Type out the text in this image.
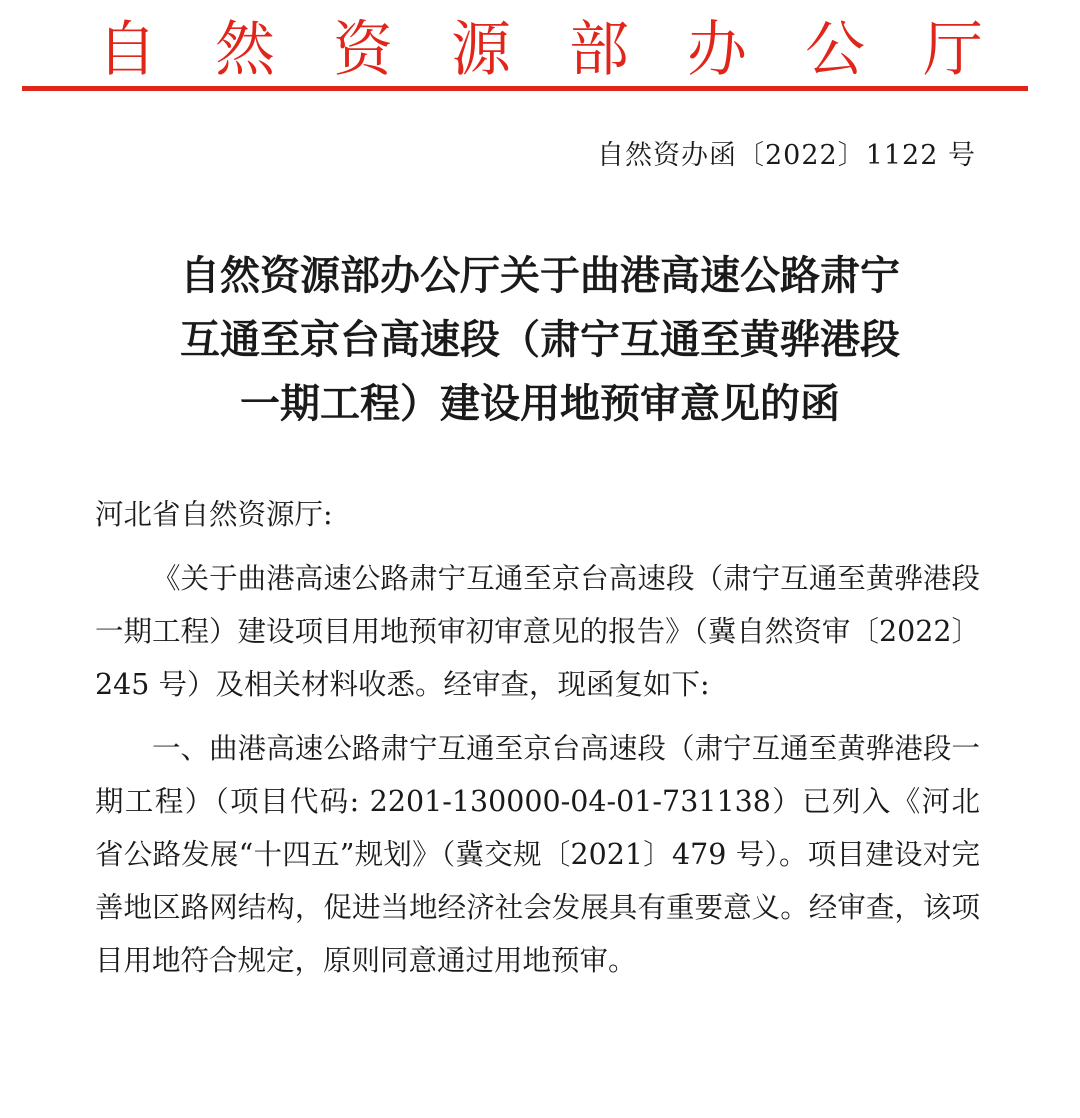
自然资源部办公厅
自然资办函〔2022〕1122 号
自然资源部办公厅关于曲港高速公路肃宁
互通至京台高速段（肃宁互通至黄骅港段
一期工程）建设用地预审意见的函

河北省自然资源厅:

《关于曲港高速公路肃宁互通至京台高速段（肃宁互通至黄骅港段一期工程）建设项目用地预审初审意见的报告》（冀自然资审〔2022〕245 号）及相关材料收悉。经审查，现函复如下:

一、曲港高速公路肃宁互通至京台高速段（肃宁互通至黄骅港段一期工程）（项目代码: 2201-130000-04-01-731138）已列入《河北省公路发展“十四五”规划》（冀交规〔2021〕479 号）。项目建设对完善地区路网结构，促进当地经济社会发展具有重要意义。经审查，该项目用地符合规定，原则同意通过用地预审。
